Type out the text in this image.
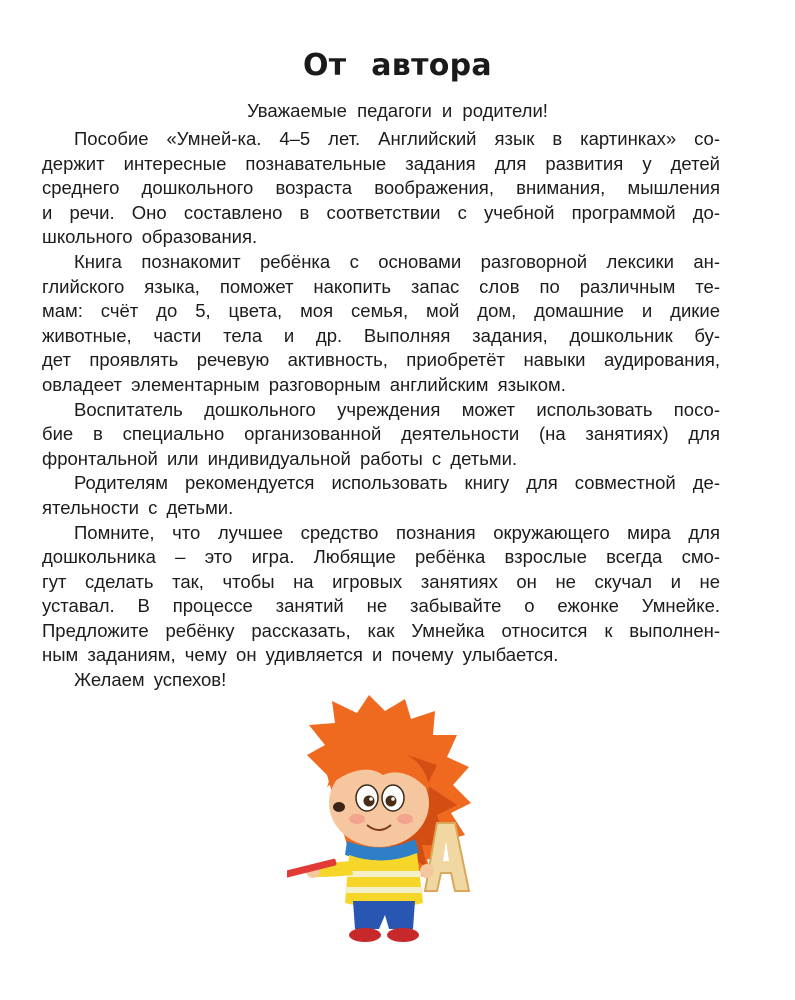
От автора

Уважаемые педагоги и родители!

Пособие «Умней-ка. 4–5 лет. Английский язык в картинках» со-
держит интересные познавательные задания для развития у детей
среднего дошкольного возраста воображения, внимания, мышления
и речи. Оно составлено в соответствии с учебной программой до-
школьного образования.
Книга познакомит ребёнка с основами разговорной лексики ан-
глийского языка, поможет накопить запас слов по различным те-
мам: счёт до 5, цвета, моя семья, мой дом, домашние и дикие
животные, части тела и др. Выполняя задания, дошкольник бу-
дет проявлять речевую активность, приобретёт навыки аудирования,
овладеет элементарным разговорным английским языком.
Воспитатель дошкольного учреждения может использовать посо-
бие в специально организованной деятельности (на занятиях) для
фронтальной или индивидуальной работы с детьми.
Родителям рекомендуется использовать книгу для совместной де-
ятельности с детьми.
Помните, что лучшее средство познания окружающего мира для
дошкольника – это игра. Любящие ребёнка взрослые всегда смо-
гут сделать так, чтобы на игровых занятиях он не скучал и не
уставал. В процессе занятий не забывайте о ежонке Умнейке.
Предложите ребёнку рассказать, как Умнейка относится к выполнен-
ным заданиям, чему он удивляется и почему улыбается.
Желаем успехов!
